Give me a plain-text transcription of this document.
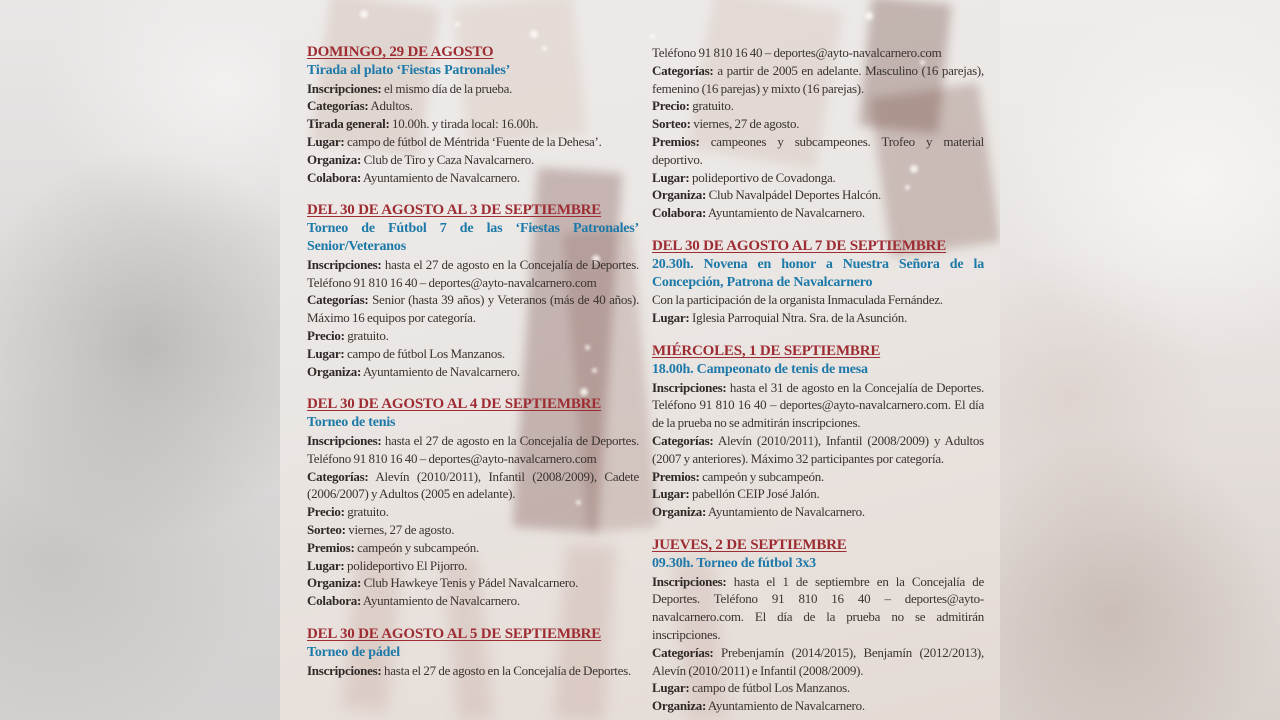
DOMINGO, 29 DE AGOSTO
Tirada al plato ‘Fiestas Patronales’

Inscripciones: el mismo día de la prueba.

Categorías: Adultos.

Tirada general: 10.00h. y tirada local: 16.00h.

Lugar: campo de fútbol de Méntrida ‘Fuente de la Dehesa’.

Organiza: Club de Tiro y Caza Navalcarnero.

Colabora: Ayuntamiento de Navalcarnero.

DEL 30 DE AGOSTO AL 3 DE SEPTIEMBRE
Torneo de Fútbol 7 de las ‘Fiestas Patronales’ Senior/Veteranos

Inscripciones: hasta el 27 de agosto en la Concejalía de Deportes. Teléfono 91 810 16 40 – deportes@ayto-navalcarnero.com

Categorías: Senior (hasta 39 años) y Veteranos (más de 40 años). Máximo 16 equipos por categoría.

Precio: gratuito.

Lugar: campo de fútbol Los Manzanos.

Organiza: Ayuntamiento de Navalcarnero.

DEL 30 DE AGOSTO AL 4 DE SEPTIEMBRE
Torneo de tenis

Inscripciones: hasta el 27 de agosto en la Concejalía de Deportes. Teléfono 91 810 16 40 – deportes@ayto-navalcarnero.com

Categorías: Alevín (2010/2011), Infantil (2008/2009), Cadete (2006/2007) y Adultos (2005 en adelante).

Precio: gratuito.

Sorteo: viernes, 27 de agosto.

Premios: campeón y subcampeón.

Lugar: polideportivo El Pijorro.

Organiza: Club Hawkeye Tenis y Pádel Navalcarnero.

Colabora: Ayuntamiento de Navalcarnero.

DEL 30 DE AGOSTO AL 5 DE SEPTIEMBRE
Torneo de pádel

Inscripciones: hasta el 27 de agosto en la Concejalía de Deportes.

Teléfono 91 810 16 40 – deportes@ayto-navalcarnero.com

Categorías: a partir de 2005 en adelante. Masculino (16 parejas), femenino (16 parejas) y mixto (16 parejas).

Precio: gratuito.

Sorteo: viernes, 27 de agosto.

Premios: campeones y subcampeones. Trofeo y material deportivo.

Lugar: polideportivo de Covadonga.

Organiza: Club Navalpádel Deportes Halcón.

Colabora: Ayuntamiento de Navalcarnero.

DEL 30 DE AGOSTO AL 7 DE SEPTIEMBRE
20.30h. Novena en honor a Nuestra Señora de la Concepción, Patrona de Navalcarnero

Con la participación de la organista Inmaculada Fernández.

Lugar: Iglesia Parroquial Ntra. Sra. de la Asunción.

MIÉRCOLES, 1 DE SEPTIEMBRE
18.00h. Campeonato de tenis de mesa

Inscripciones: hasta el 31 de agosto en la Concejalía de Deportes. Teléfono 91 810 16 40 – deportes@ayto-navalcarnero.com. El día de la prueba no se admitirán inscripciones.

Categorías: Alevín (2010/2011), Infantil (2008/2009) y Adultos (2007 y anteriores). Máximo 32 participantes por categoría.

Premios: campeón y subcampeón.

Lugar: pabellón CEIP José Jalón.

Organiza: Ayuntamiento de Navalcarnero.

JUEVES, 2 DE SEPTIEMBRE
09.30h. Torneo de fútbol 3x3

Inscripciones: hasta el 1 de septiembre en la Concejalía de Deportes. Teléfono 91 810 16 40 – deportes@ayto-navalcarnero.com. El día de la prueba no se admitirán inscripciones.

Categorías: Prebenjamín (2014/2015), Benjamín (2012/2013), Alevín (2010/2011) e Infantil (2008/2009).

Lugar: campo de fútbol Los Manzanos.

Organiza: Ayuntamiento de Navalcarnero.
